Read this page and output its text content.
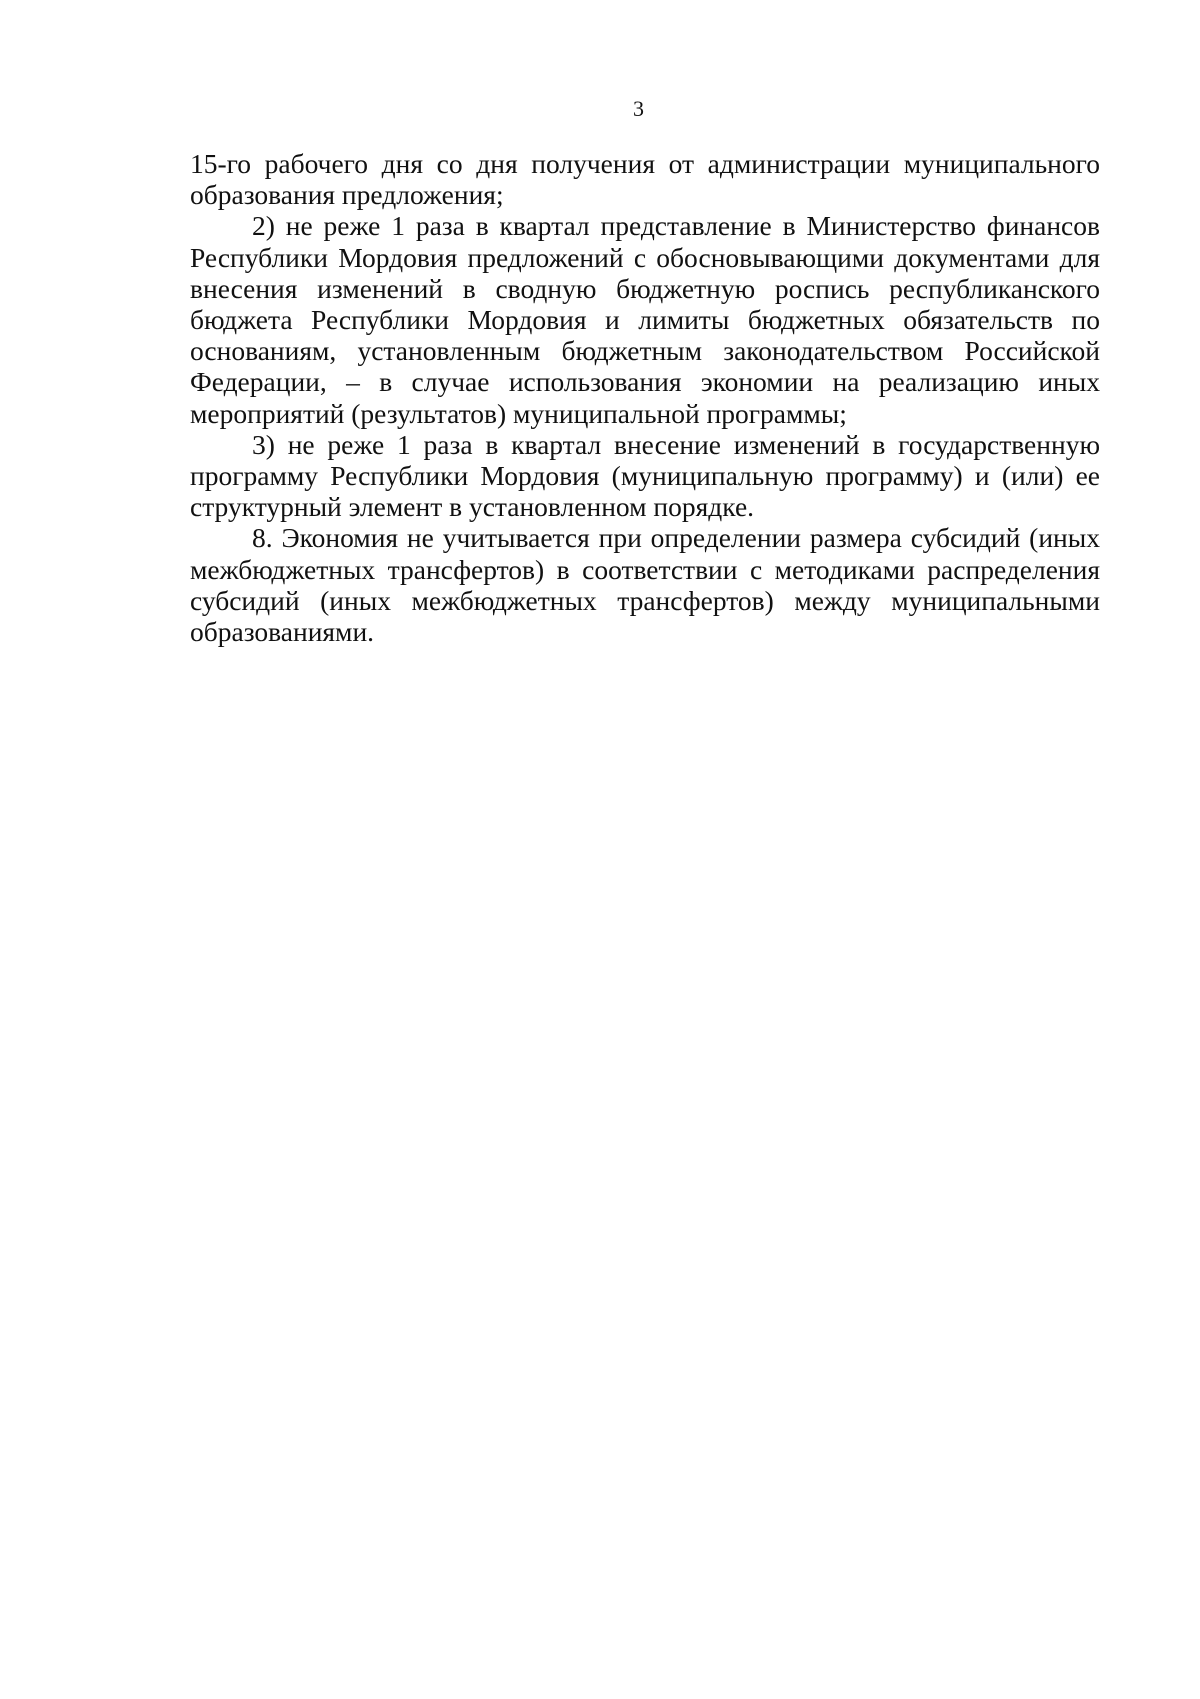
3

15-го рабочего дня со дня получения от администрации муниципального образования предложения;

2) не реже 1 раза в квартал представление в Министерство финансов Республики Мордовия предложений с обосновывающими документами для внесения изменений в сводную бюджетную роспись республиканского бюджета Республики Мордовия и лимиты бюджетных обязательств по основаниям, установленным бюджетным законодательством Российской Федерации, – в случае использования экономии на реализацию иных мероприятий (результатов) муниципальной программы;

3) не реже 1 раза в квартал внесение изменений в государственную программу Республики Мордовия (муниципальную программу) и (или) ее структурный элемент в установленном порядке.

8. Экономия не учитывается при определении размера субсидий (иных межбюджетных трансфертов) в соответствии с методиками распределения субсидий (иных межбюджетных трансфертов) между муниципальными образованиями.
